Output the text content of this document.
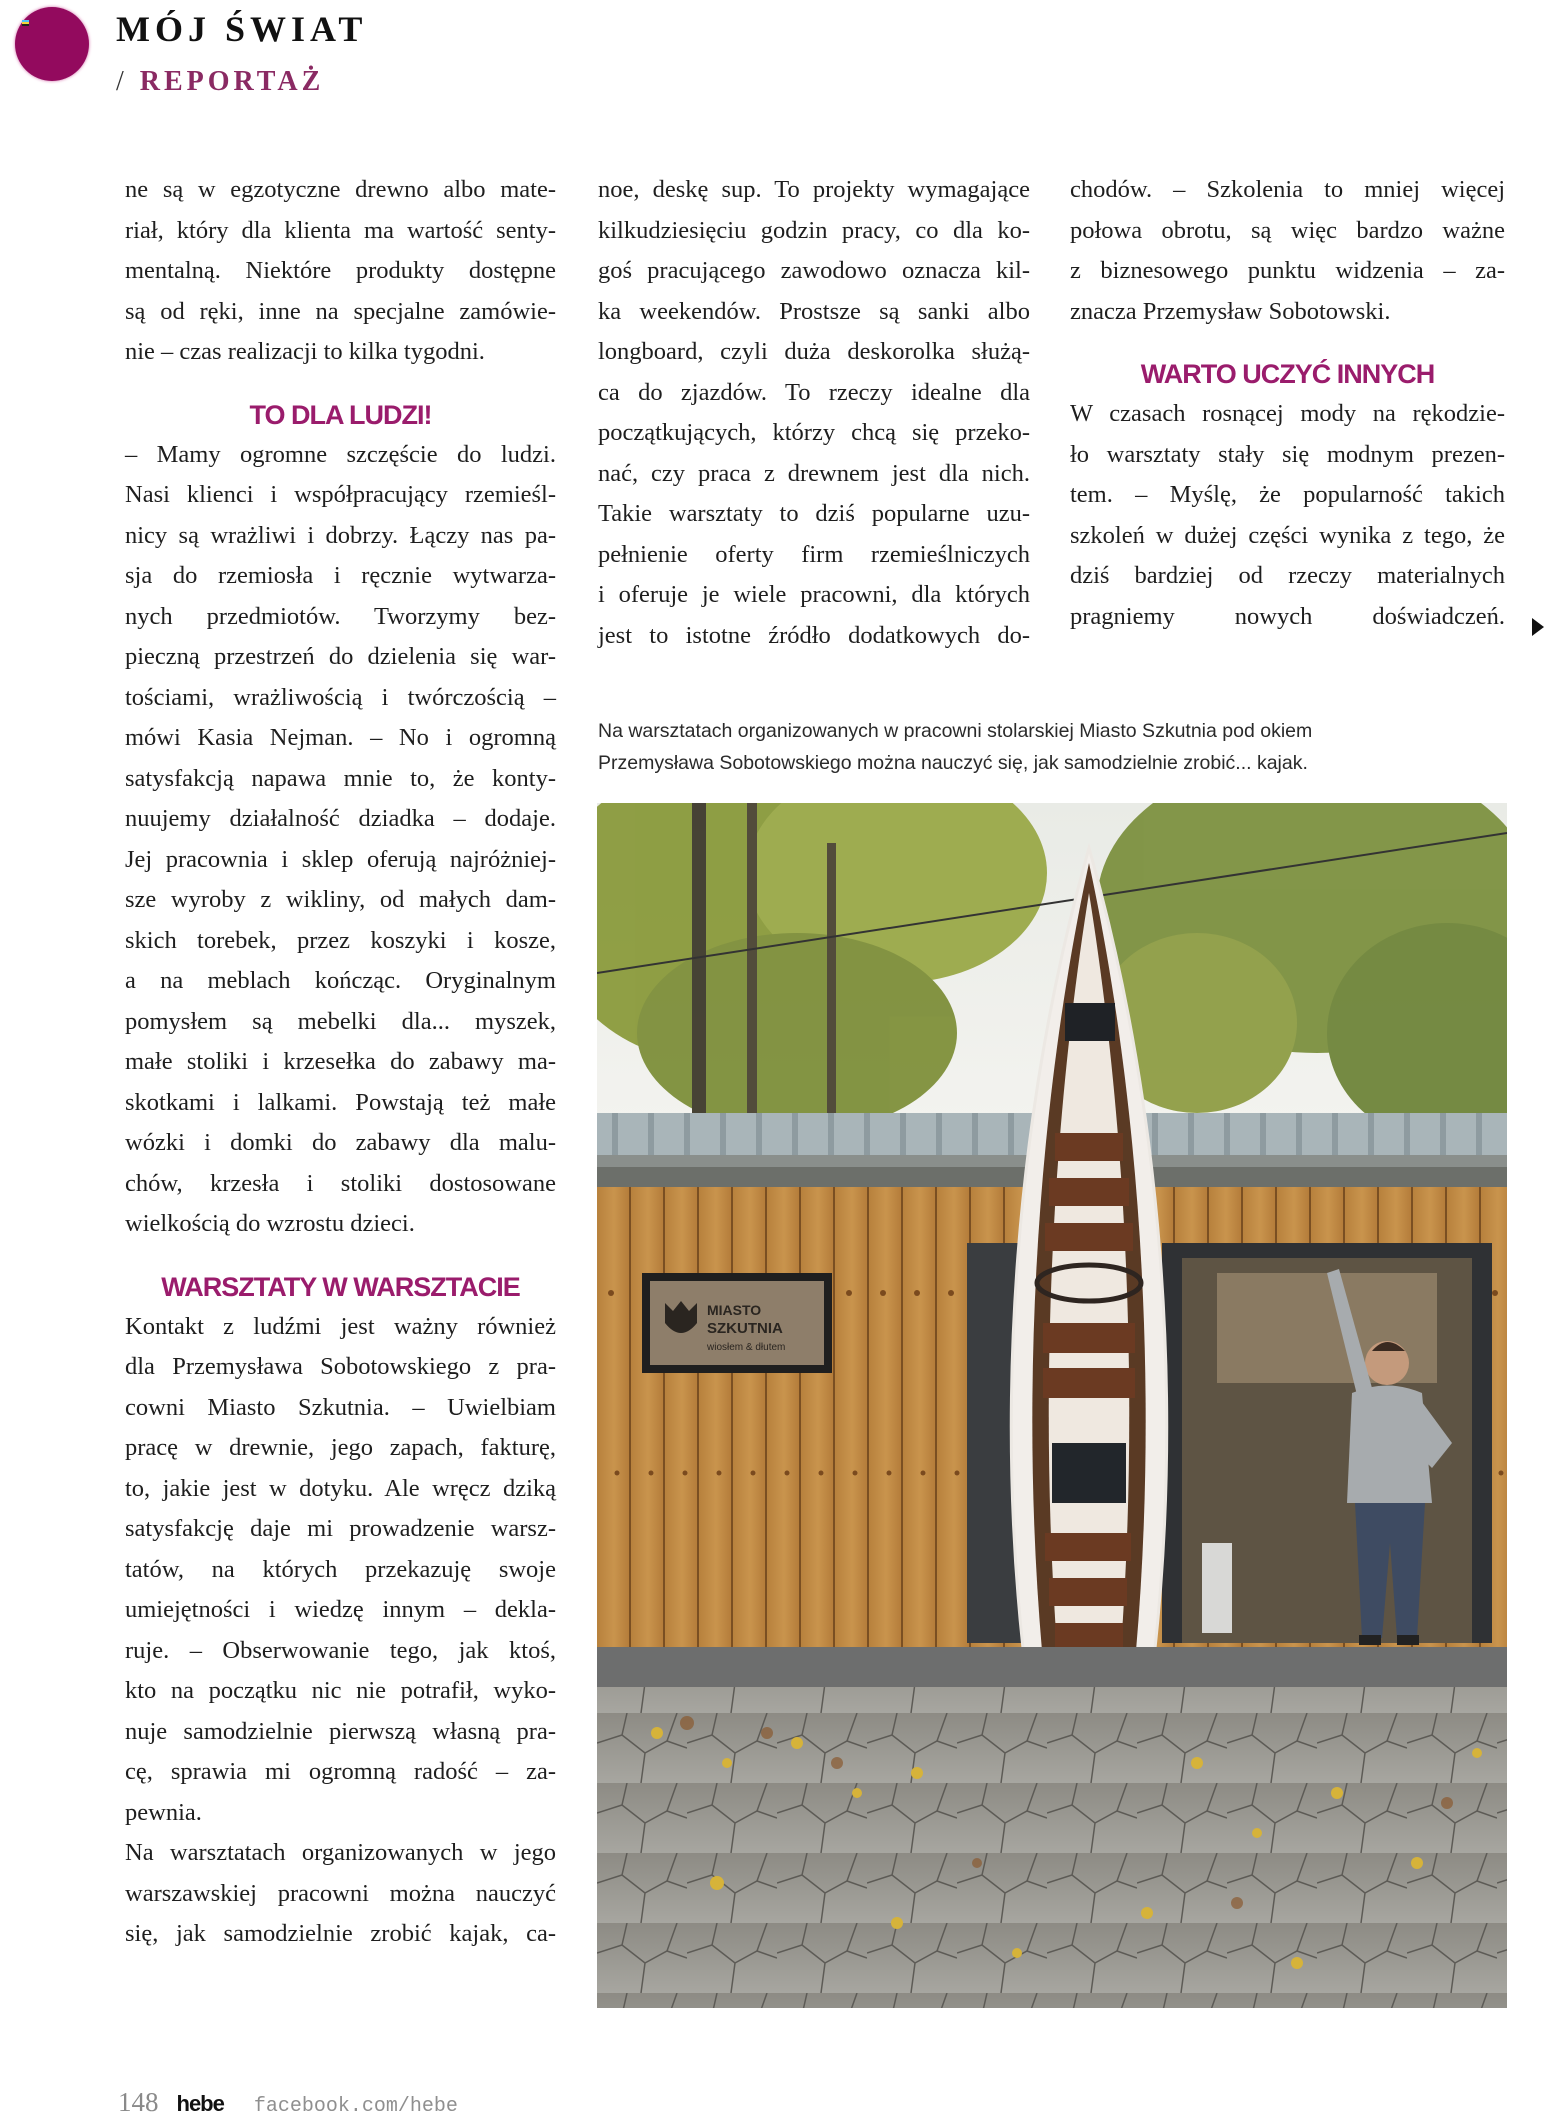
MÓJ ŚWIAT
/ REPORTAŻ

ne są w egzotyczne drewno albo mate-
riał, który dla klienta ma wartość senty-
mentalną. Niektóre produkty dostępne
są od ręki, inne na specjalne zamówie-
nie – czas realizacji to kilka tygodni.

TO DLA LUDZI!

– Mamy ogromne szczęście do ludzi.
Nasi klienci i współpracujący rzemieśl-
nicy są wrażliwi i dobrzy. Łączy nas pa-
sja do rzemiosła i ręcznie wytwarza-
nych przedmiotów. Tworzymy bez-
pieczną przestrzeń do dzielenia się war-
tościami, wrażliwością i twórczością –
mówi Kasia Nejman. – No i ogromną
satysfakcją napawa mnie to, że konty-
nuujemy działalność dziadka – dodaje.
Jej pracownia i sklep oferują najróżniej-
sze wyroby z wikliny, od małych dam-
skich torebek, przez koszyki i kosze,
a na meblach kończąc. Oryginalnym
pomysłem są mebelki dla... myszek,
małe stoliki i krzesełka do zabawy ma-
skotkami i lalkami. Powstają też małe
wózki i domki do zabawy dla malu-
chów, krzesła i stoliki dostosowane
wielkością do wzrostu dzieci.

WARSZTATY W WARSZTACIE

Kontakt z ludźmi jest ważny również
dla Przemysława Sobotowskiego z pra-
cowni Miasto Szkutnia. – Uwielbiam
pracę w drewnie, jego zapach, fakturę,
to, jakie jest w dotyku. Ale wręcz dziką
satysfakcję daje mi prowadzenie warsz-
tatów, na których przekazuję swoje
umiejętności i wiedzę innym – dekla-
ruje. – Obserwowanie tego, jak ktoś,
kto na początku nic nie potrafił, wyko-
nuje samodzielnie pierwszą własną pra-
cę, sprawia mi ogromną radość – za-
pewnia.

Na warsztatach organizowanych w jego
warszawskiej pracowni można nauczyć
się, jak samodzielnie zrobić kajak, ca-

noe, deskę sup. To projekty wymagające
kilkudziesięciu godzin pracy, co dla ko-
goś pracującego zawodowo oznacza kil-
ka weekendów. Prostsze są sanki albo
longboard, czyli duża deskorolka służą-
ca do zjazdów. To rzeczy idealne dla
początkujących, którzy chcą się przeko-
nać, czy praca z drewnem jest dla nich.
Takie warsztaty to dziś popularne uzu-
pełnienie oferty firm rzemieślniczych
i oferuje je wiele pracowni, dla których
jest to istotne źródło dodatkowych do-

chodów. – Szkolenia to mniej więcej
połowa obrotu, są więc bardzo ważne
z biznesowego punktu widzenia – za-
znacza Przemysław Sobotowski.

WARTO UCZYĆ INNYCH

W czasach rosnącej mody na rękodzie-
ło warsztaty stały się modnym prezen-
tem. – Myślę, że popularność takich
szkoleń w dużej części wynika z tego, że
dziś bardziej od rzeczy materialnych
pragniemy nowych doświadczeń.

Na warsztatach organizowanych w pracowni stolarskiej Miasto Szkutnia pod okiem
Przemysława Sobotowskiego można nauczyć się, jak samodzielnie zrobić... kajak.
MIASTO
SZKUTNIA
wiosłem & dłutem
148 hebe facebook.com/hebe
